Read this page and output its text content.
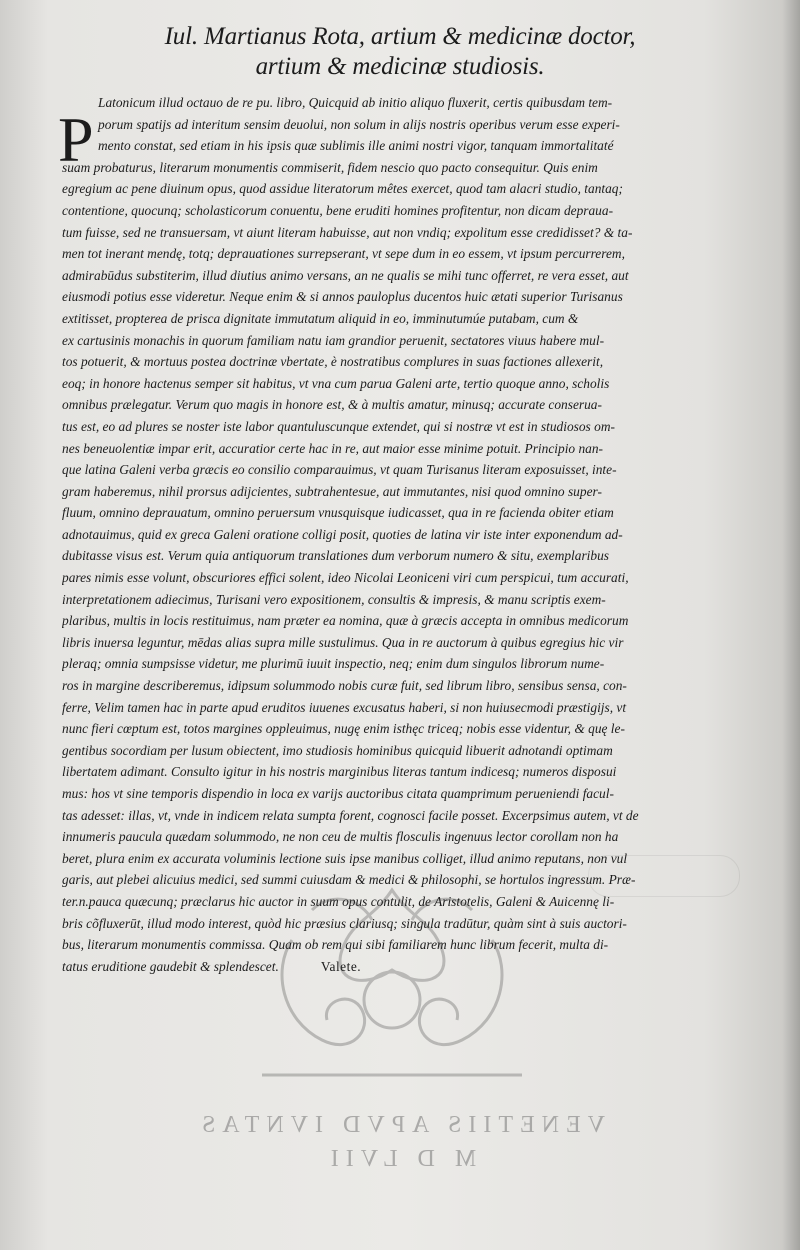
Iul. Martianus Rota, artium & medicinæ doctor,
artium & medicinæ studiosis.
P
Latonicum illud octauo de re pu. libro, Quicquid ab initio aliquo fluxerit, certis quibusdam tem-
porum spatijs ad interitum sensim deuolui, non solum in alijs nostris operibus verum esse experi-
mento constat, sed etiam in his ipsis quæ sublimis ille animi nostri vigor, tanquam immortalitaté
suam probaturus, literarum monumentis commiserit, fidem nescio quo pacto consequitur. Quis enim
egregium ac pene diuinum opus, quod assidue literatorum mêtes exercet, quod tam alacri studio, tantaq;
contentione, quocunq; scholasticorum conuentu, bene eruditi homines profitentur, non dicam deprauа-
tum fuisse, sed ne transuersam, vt aiunt literam habuisse, aut non vndiq; expolitum esse credidisset? & ta-
men tot inerant mendę, totq; deprauationes surrepserant, vt sepe dum in eo essem, vt ipsum percurrerem,
admirabūdus substiterim, illud diutius animo versans, an ne qualis se mihi tunc offerret, re vera esset, aut
eiusmodi potius esse videretur. Neque enim & si annos pauloplus ducentos huic ætati superior Turisanus
extitisset, propterea de prisca dignitate immutatum aliquid in eo, imminutumúe putabam, cum &
ex cartusinis monachis in quorum familiam natu iam grandior peruenit, sectatores viuus habere mul-
tos potuerit, & mortuus postea doctrinæ vbertate, è nostratibus complures in suas factiones allexerit,
eoq; in honore hactenus semper sit habitus, vt vna cum parua Galeni arte, tertio quoque anno, scholis
omnibus prælegatur. Verum quo magis in honore est, & à multis amatur, minusq; accurate conserua-
tus est, eo ad plures se noster iste labor quantuluscunque extendet, qui si nostræ vt est in studiosos om-
nes beneuolentiæ impar erit, accuratior certe hac in re, aut maior esse minime potuit. Principio nan-
que latina Galeni verba græcis eo consilio comparauimus, vt quam Turisanus literam exposuisset, inte-
gram haberemus, nihil prorsus adijcientes, subtrahentesue, aut immutantes, nisi quod omnino super-
fluum, omnino deprauatum, omnino peruersum vnusquisque iudicasset, qua in re facienda obiter etiam
adnotauimus, quid ex greca Galeni oratione colligi posit, quoties de latina vir iste inter exponendum ad-
dubitasse visus est. Verum quia antiquorum translationes dum verborum numero & situ, exemplaribus
pares nimis esse volunt, obscuriores effici solent, ideo Nicolai Leoniceni viri cum perspicui, tum accurati,
interpretationem adiecimus, Turisani vero expositionem, consultis & impresis, & manu scriptis exem-
plaribus, multis in locis restituimus, nam præter ea nomina, quæ à græcis accepta in omnibus medicorum
libris inuersa leguntur, mēdas alias supra mille sustulimus. Qua in re auctorum à quibus egregius hic vir
pleraq; omnia sumpsisse videtur, me plurimū iuuit inspectio, neq; enim dum singulos librorum nume-
ros in margine describeremus, idipsum solummodo nobis curæ fuit, sed librum libro, sensibus sensa, con-
ferre, Velim tamen hac in parte apud eruditos iuuenes excusatus haberi, si non huiusecmodi præstigijs, vt
nunc fieri cœptum est, totos margines oppleuimus, nugę enim isthęc triceq; nobis esse videntur, & quę le-
gentibus socordiam per lusum obiectent, imo studiosis hominibus quicquid libuerit adnotandi optimam
libertatem adimant. Consulto igitur in his nostris marginibus literas tantum indicesq; numeros disposui
mus: hos vt sine temporis dispendio in loca ex varijs auctoribus citata quamprimum perueniendi facul-
tas adesset: illas, vt, vnde in indicem relata sumpta forent, cognosci facile posset. Excerpsimus autem, vt de
innumeris paucula quædam solummodo, ne non ceu de multis flosculis ingenuus lector corollam non ha
beret, plura enim ex accurata voluminis lectione suis ipse manibus colliget, illud animo reputans, non vul
garis, aut plebei alicuius medici, sed summi cuiusdam & medici & philosophi, se hortulos ingressum. Præ-
ter.n.pauca quæcunq; præclarus hic auctor in suum opus contulit, de Aristotelis, Galeni & Auicennę li-
bris cõfluxerūt, illud modo interest, quòd hic præsius clariusq; singula tradūtur, quàm sint à suis auctori-
bus, literarum monumentis commissa. Quam ob rem qui sibi familiarem hunc librum fecerit, multa di-
tatus eruditione gaudebit & splendescet.	Valete.
VENETIIS APVD IVNTAS
M D LVII
